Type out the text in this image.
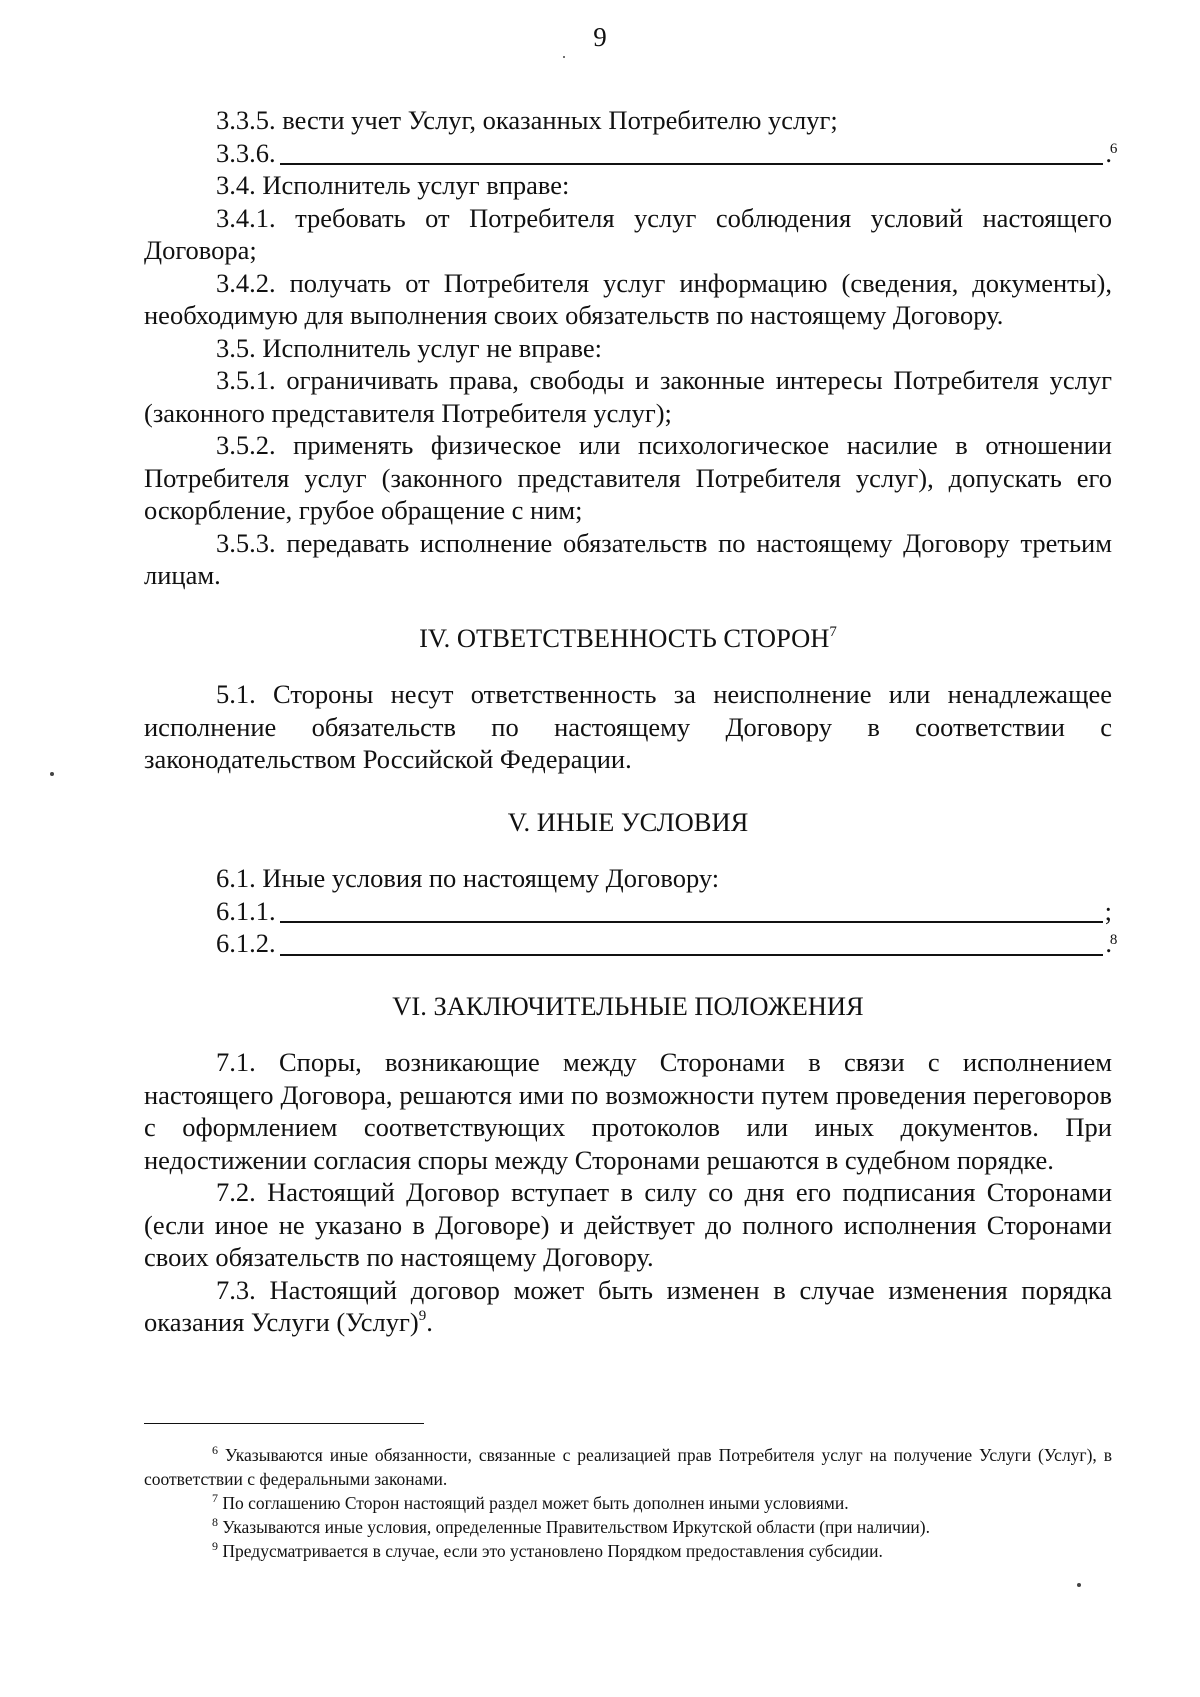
9

3.3.5. вести учет Услуг, оказанных Потребителю услуг;

3.3.6.	6
.

3.4. Исполнитель услуг вправе:

3.4.1. требовать от Потребителя услуг соблюдения условий настоящего Договора;

3.4.2. получать от Потребителя услуг информацию (сведения, документы), необходимую для выполнения своих обязательств по настоящему Договору.

3.5. Исполнитель услуг не вправе:

3.5.1. ограничивать права, свободы и законные интересы Потребителя услуг (законного представителя Потребителя услуг);

3.5.2. применять физическое или психологическое насилие в отношении Потребителя услуг (законного представителя Потребителя услуг), допускать его оскорбление, грубое обращение с ним;

3.5.3. передавать исполнение обязательств по настоящему Договору третьим лицам.

IV. ОТВЕТСТВЕННОСТЬ СТОРОН$^7$

5.1. Стороны несут ответственность за неисполнение или ненадлежащее исполнение обязательств по настоящему Договору в соответствии с законодательством Российской Федерации.

V. ИНЫЕ УСЛОВИЯ

6.1. Иные условия по настоящему Договору:

6.1.1.	;
6.1.2.	8
.
VI. ЗАКЛЮЧИТЕЛЬНЫЕ ПОЛОЖЕНИЯ

7.1. Споры, возникающие между Сторонами в связи с исполнением настоящего Договора, решаются ими по возможности путем проведения переговоров с оформлением соответствующих протоколов или иных документов. При недостижении согласия споры между Сторонами решаются в судебном порядке.

7.2. Настоящий Договор вступает в силу со дня его подписания Сторонами (если иное не указано в Договоре) и действует до полного исполнения Сторонами своих обязательств по настоящему Договору.

7.3. Настоящий договор может быть изменен в случае изменения порядка оказания Услуги (Услуг)$^9$.

$^6$ Указываются иные обязанности, связанные с реализацией прав Потребителя услуг на получение Услуги (Услуг), в соответствии с федеральными законами.

$^7$ По соглашению Сторон настоящий раздел может быть дополнен иными условиями.

$^8$ Указываются иные условия, определенные Правительством Иркутской области (при наличии).

$^9$ Предусматривается в случае, если это установлено Порядком предоставления субсидии.
